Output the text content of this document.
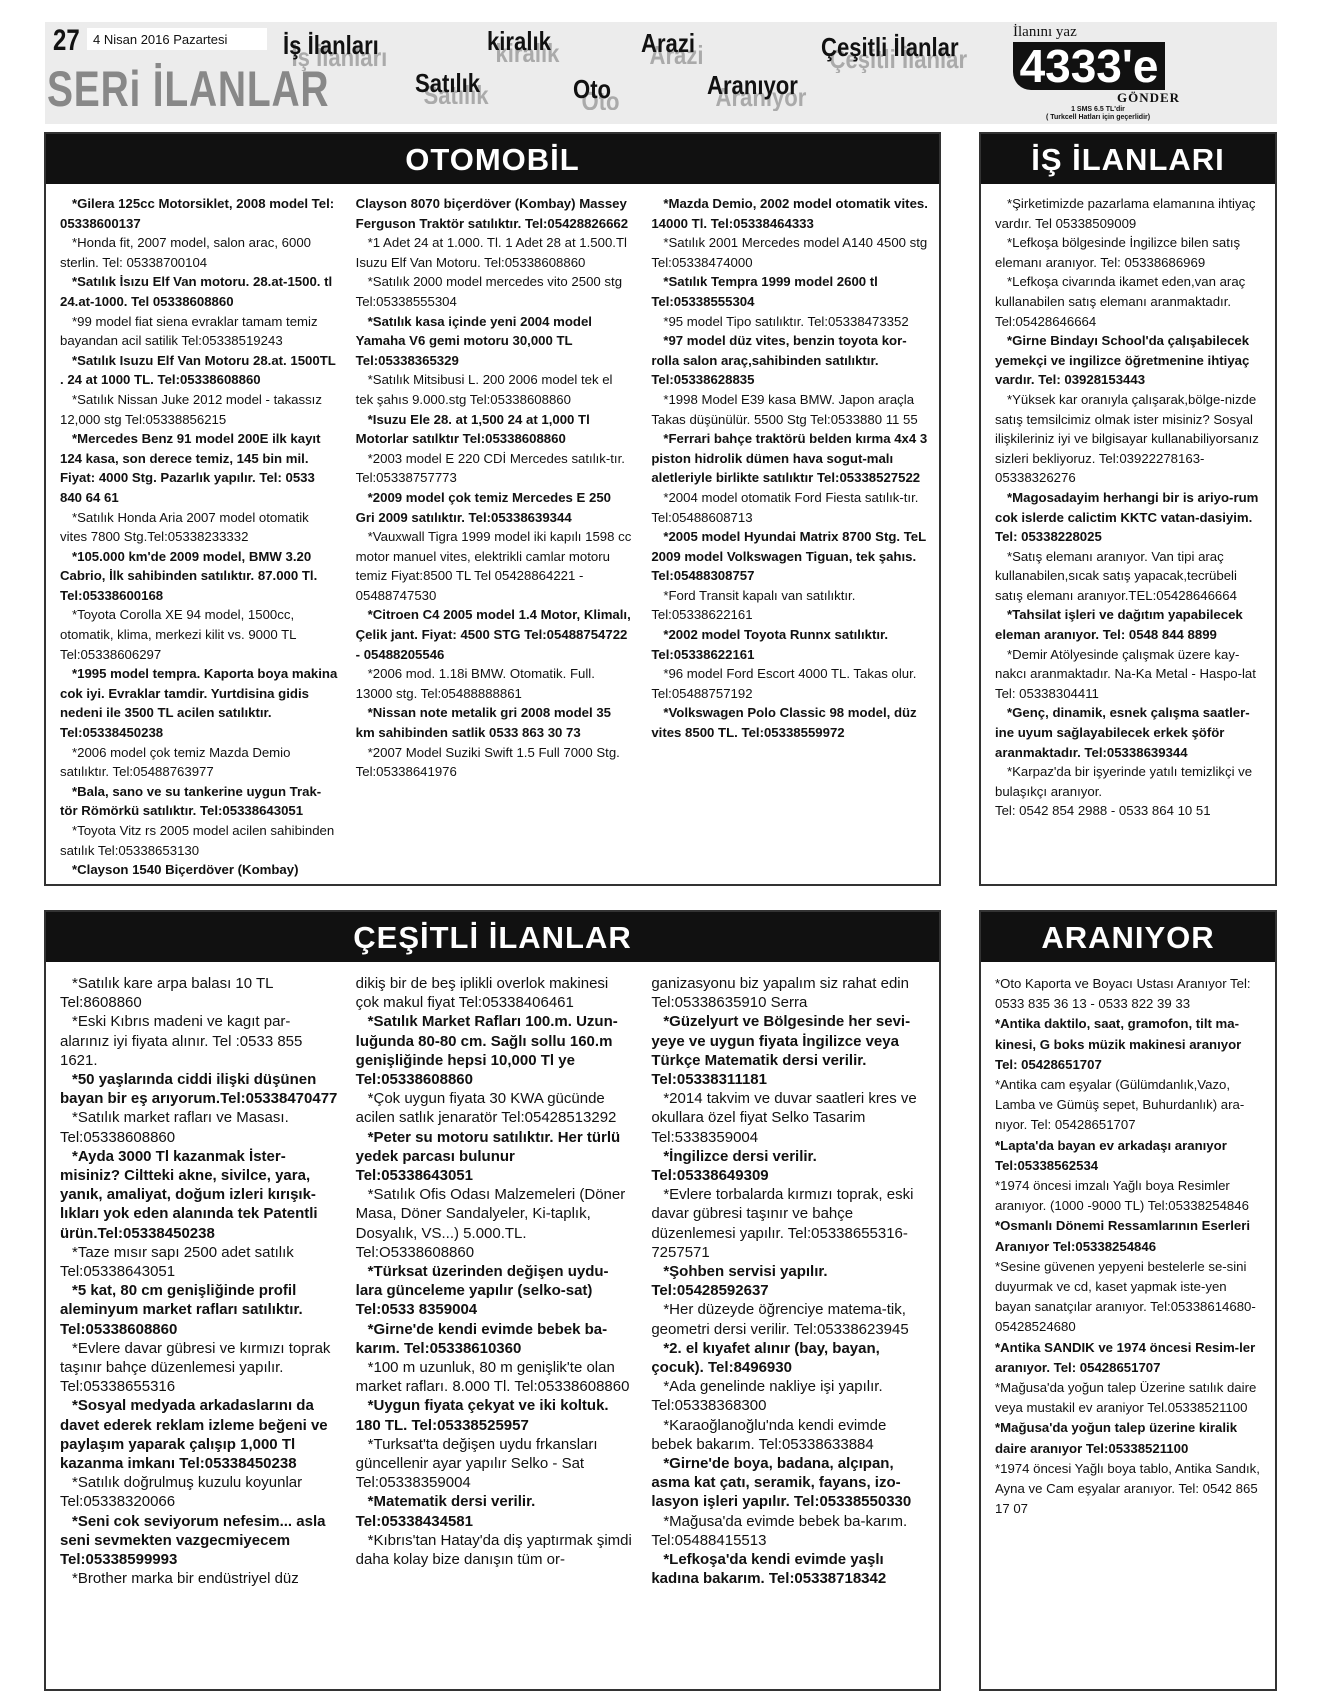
27	4 Nisan 2016 Pazartesi
SERi İLANLAR
İş İlanları	kiralık	Arazi	Çeşitli İlanlar
Satılık	Oto	Aranıyor
İlanını yaz
4333'e
GÖNDER
1 SMS 6.5 TL'dir
( Turkcell Hatları için geçerlidir)
OTOMOBİL

*Gilera 125cc Motorsiklet, 2008 model Tel: 05338600137

*Honda fit, 2007 model, salon arac, 6000 sterlin. Tel: 05338700104

*Satılık İsızu Elf Van motoru. 28.at-1500. tl 24.at-1000. Tel 05338608860

*99 model fiat siena evraklar tamam temiz bayandan acil satilik Tel:05338519243

*Satılık Isuzu Elf Van Motoru 28.at. 1500TL . 24 at 1000 TL. Tel:05338608860

*Satılık Nissan Juke 2012 model - takassız 12,000 stg Tel:05338856215

*Mercedes Benz 91 model 200E ilk kayıt 124 kasa, son derece temiz, 145 bin mil. Fiyat: 4000 Stg. Pazarlık yapılır. Tel: 0533 840 64 61

*Satılık Honda Aria 2007 model otomatik vites 7800 Stg.Tel:05338233332

*105.000 km'de 2009 model, BMW 3.20 Cabrio, İlk sahibinden satılıktır. 87.000 Tl. Tel:05338600168

*Toyota Corolla XE 94 model, 1500cc, otomatik, klima, merkezi kilit vs. 9000 TL Tel:05338606297

*1995 model tempra. Kaporta boya makina cok iyi. Evraklar tamdir. Yurtdisina gidis nedeni ile 3500 TL acilen satılıktır. Tel:05338450238

*2006 model çok temiz Mazda Demio satılıktır. Tel:05488763977

*Bala, sano ve su tankerine uygun Trak-tör Römörkü satılıktır. Tel:05338643051

*Toyota Vitz rs 2005 model acilen sahibinden satılık Tel:05338653130

*Clayson 1540 Biçerdöver (Kombay)

Clayson 8070 biçerdöver (Kombay) Massey Ferguson Traktör satılıktır. Tel:05428826662

*1 Adet 24 at 1.000. Tl. 1 Adet 28 at 1.500.Tl Isuzu Elf Van Motoru. Tel:05338608860

*Satılık 2000 model mercedes vito 2500 stg Tel:05338555304

*Satılık kasa içinde yeni 2004 model Yamaha V6 gemi motoru 30,000 TL Tel:05338365329

*Satılık Mitsibusi L. 200 2006 model tek el tek şahıs 9.000.stg Tel:05338608860

*Isuzu Ele 28. at 1,500 24 at 1,000 Tl Motorlar satılktır Tel:05338608860

*2003 model E 220 CDİ Mercedes satılık-tır. Tel:05338757773

*2009 model çok temiz Mercedes E 250 Gri 2009 satılıktır. Tel:05338639344

*Vauxwall Tigra 1999 model iki kapılı 1598 cc motor manuel vites, elektrikli camlar motoru temiz Fiyat:8500 TL Tel 05428864221 - 05488747530

*Citroen C4 2005 model 1.4 Motor, Klimalı, Çelik jant. Fiyat: 4500 STG Tel:05488754722 - 05488205546

*2006 mod. 1.18i BMW. Otomatik. Full. 13000 stg. Tel:05488888861

*Nissan note metalik gri 2008 model 35 km sahibinden satlik 0533 863 30 73

*2007 Model Suziki Swift 1.5 Full 7000 Stg. Tel:05338641976

*Mazda Demio, 2002 model otomatik vites. 14000 Tl. Tel:05338464333

*Satılık 2001 Mercedes model A140 4500 stg Tel:05338474000

*Satılık Tempra 1999 model 2600 tl Tel:05338555304

*95 model Tipo satılıktır. Tel:05338473352

*97 model düz vites, benzin toyota kor-rolla salon araç,sahibinden satılıktır. Tel:05338628835

*1998 Model E39 kasa BMW. Japon araçla Takas düşünülür. 5500 Stg Tel:0533880 11 55

*Ferrari bahçe traktörü belden kırma 4x4 3 piston hidrolik dümen hava sogut-malı aletleriyle birlikte satılıktır Tel:05338527522

*2004 model otomatik Ford Fiesta satılık-tır. Tel:05488608713

*2005 model Hyundai Matrix 8700 Stg. TeL 2009 model Volkswagen Tiguan, tek şahıs. Tel:05488308757

*Ford Transit kapalı van satılıktır. Tel:05338622161

*2002 model Toyota Runnx satılıktır. Tel:05338622161

*96 model Ford Escort 4000 TL. Takas olur. Tel:05488757192

*Volkswagen Polo Classic 98 model, düz vites 8500 TL. Tel:05338559972

İŞ İLANLARI

*Şirketimizde pazarlama elamanına ihtiyaç vardır. Tel 05338509009

*Lefkoşa bölgesinde İngilizce bilen satış elemanı aranıyor. Tel: 05338686969

*Lefkoşa civarında ikamet eden,van araç kullanabilen satış elemanı aranmaktadır. Tel:05428646664

*Girne Bindayı School'da çalışabilecek yemekçi ve ingilizce öğretmenine ihtiyaç vardır. Tel: 03928153443

*Yüksek kar oranıyla çalışarak,bölge-nizde satış temsilcimiz olmak ister misiniz? Sosyal ilişkileriniz iyi ve bilgisayar kullanabiliyorsanız sizleri bekliyoruz. Tel:03922278163-05338326276

*Magosadayim herhangi bir is ariyo-rum cok islerde calictim KKTC vatan-dasiyim. Tel: 05338228025

*Satış elemanı aranıyor. Van tipi araç kullanabilen,sıcak satış yapacak,tecrübeli satış elemanı aranıyor.TEL:05428646664

*Tahsilat işleri ve dağıtım yapabilecek eleman aranıyor. Tel: 0548 844 8899

*Demir Atölyesinde çalışmak üzere kay-nakcı aranmaktadır. Na-Ka Metal - Haspo-lat Tel: 05338304411

*Genç, dinamik, esnek çalışma saatler-ine uyum sağlayabilecek erkek şöför aranmaktadır. Tel:05338639344

*Karpaz'da bir işyerinde yatılı temizlikçi ve bulaşıkçı aranıyor.

Tel: 0542 854 2988 - 0533 864 10 51

ÇEŞİTLİ İLANLAR

*Satılık kare arpa balası 10 TL Tel:8608860

*Eski Kıbrıs madeni ve kagıt par-alarınız iyi fiyata alınır. Tel :0533 855 1621.

*50 yaşlarında ciddi ilişki düşünen bayan bir eş arıyorum.Tel:05338470477

*Satılık market rafları ve Masası. Tel:05338608860

*Ayda 3000 Tl kazanmak İster-misiniz? Ciltteki akne, sivilce, yara, yanık, amaliyat, doğum izleri kırışık-lıkları yok eden alanında tek Patentli ürün.Tel:05338450238

*Taze mısır sapı 2500 adet satılık Tel:05338643051

*5 kat, 80 cm genişliğinde profil aleminyum market rafları satılıktır. Tel:05338608860

*Evlere davar gübresi ve kırmızı toprak taşınır bahçe düzenlemesi yapılır. Tel:05338655316

*Sosyal medyada arkadaslarını da davet ederek reklam izleme beğeni ve paylaşım yaparak çalışıp 1,000 Tl kazanma imkanı Tel:05338450238

*Satılık doğrulmuş kuzulu koyunlar Tel:05338320066

*Seni cok seviyorum nefesim... asla seni sevmekten vazgecmiyecem Tel:05338599993

*Brother marka bir endüstriyel düz

dikiş bir de beş iplikli overlok makinesi çok makul fiyat Tel:05338406461

*Satılık Market Rafları 100.m. Uzun-luğunda 80-80 cm. Sağlı sollu 160.m genişliğinde hepsi 10,000 Tl ye Tel:05338608860

*Çok uygun fiyata 30 KWA gücünde acilen satlık jenaratör Tel:05428513292

*Peter su motoru satılıktır. Her türlü yedek parcası bulunur Tel:05338643051

*Satılık Ofis Odası Malzemeleri (Döner Masa, Döner Sandalyeler, Ki-taplık, Dosyalık, VS...) 5.000.TL. Tel:O5338608860

*Türksat üzerinden değişen uydu-lara günceleme yapılır (selko-sat) Tel:0533 8359004

*Girne'de kendi evimde bebek ba-karım. Tel:05338610360

*100 m uzunluk, 80 m genişlik'te olan market rafları. 8.000 Tl. Tel:05338608860

*Uygun fiyata çekyat ve iki koltuk. 180 TL. Tel:05338525957

*Turksat'ta değişen uydu frkansları güncellenir ayar yapılır Selko - Sat Tel:05338359004

*Matematik dersi verilir. Tel:05338434581

*Kıbrıs'tan Hatay'da diş yaptırmak şimdi daha kolay bize danışın tüm or-

ganizasyonu biz yapalım siz rahat edin Tel:05338635910 Serra

*Güzelyurt ve Bölgesinde her sevi-yeye ve uygun fiyata İngilizce veya Türkçe Matematik dersi verilir. Tel:05338311181

*2014 takvim ve duvar saatleri kres ve okullara özel fiyat Selko Tasarim Tel:5338359004

*İngilizce dersi verilir. Tel:05338649309

*Evlere torbalarda kırmızı toprak, eski davar gübresi taşınır ve bahçe düzenlemesi yapılır. Tel:05338655316- 7257571

*Şohben servisi yapılır. Tel:05428592637

*Her düzeyde öğrenciye matema-tik, geometri dersi verilir. Tel:05338623945

*2. el kıyafet alınır (bay, bayan, çocuk). Tel:8496930

*Ada genelinde nakliye işi yapılır. Tel:05338368300

*Karaoğlanoğlu'nda kendi evimde bebek bakarım. Tel:05338633884

*Girne'de boya, badana, alçıpan, asma kat çatı, seramik, fayans, izo-lasyon işleri yapılır. Tel:05338550330

*Mağusa'da evimde bebek ba-karım. Tel:05488415513

*Lefkoşa'da kendi evimde yaşlı kadına bakarım. Tel:05338718342

ARANIYOR

*Oto Kaporta ve Boyacı Ustası Aranıyor Tel: 0533 835 36 13 - 0533 822 39 33

*Antika daktilo, saat, gramofon, tilt ma-kinesi, G boks müzik makinesi aranıyor Tel: 05428651707

*Antika cam eşyalar (Gülümdanlık,Vazo, Lamba ve Gümüş sepet, Buhurdanlık) ara-nıyor. Tel: 05428651707

*Lapta'da bayan ev arkadaşı aranıyor Tel:05338562534

*1974 öncesi imzalı Yağlı boya Resimler aranıyor. (1000 -9000 TL) Tel:05338254846

*Osmanlı Dönemi Ressamlarının Eserleri Aranıyor Tel:05338254846

*Sesine güvenen yepyeni bestelerle se-sini duyurmak ve cd, kaset yapmak iste-yen bayan sanatçılar aranıyor. Tel:05338614680-05428524680

*Antika SANDIK ve 1974 öncesi Resim-ler aranıyor. Tel: 05428651707

*Mağusa'da yoğun talep Üzerine satılık daire veya mustakil ev araniyor Tel.05338521100

*Mağusa'da yoğun talep üzerine kiralik daire aranıyor Tel:05338521100

*1974 öncesi Yağlı boya tablo, Antika Sandık, Ayna ve Cam eşyalar aranıyor. Tel: 0542 865 17 07
